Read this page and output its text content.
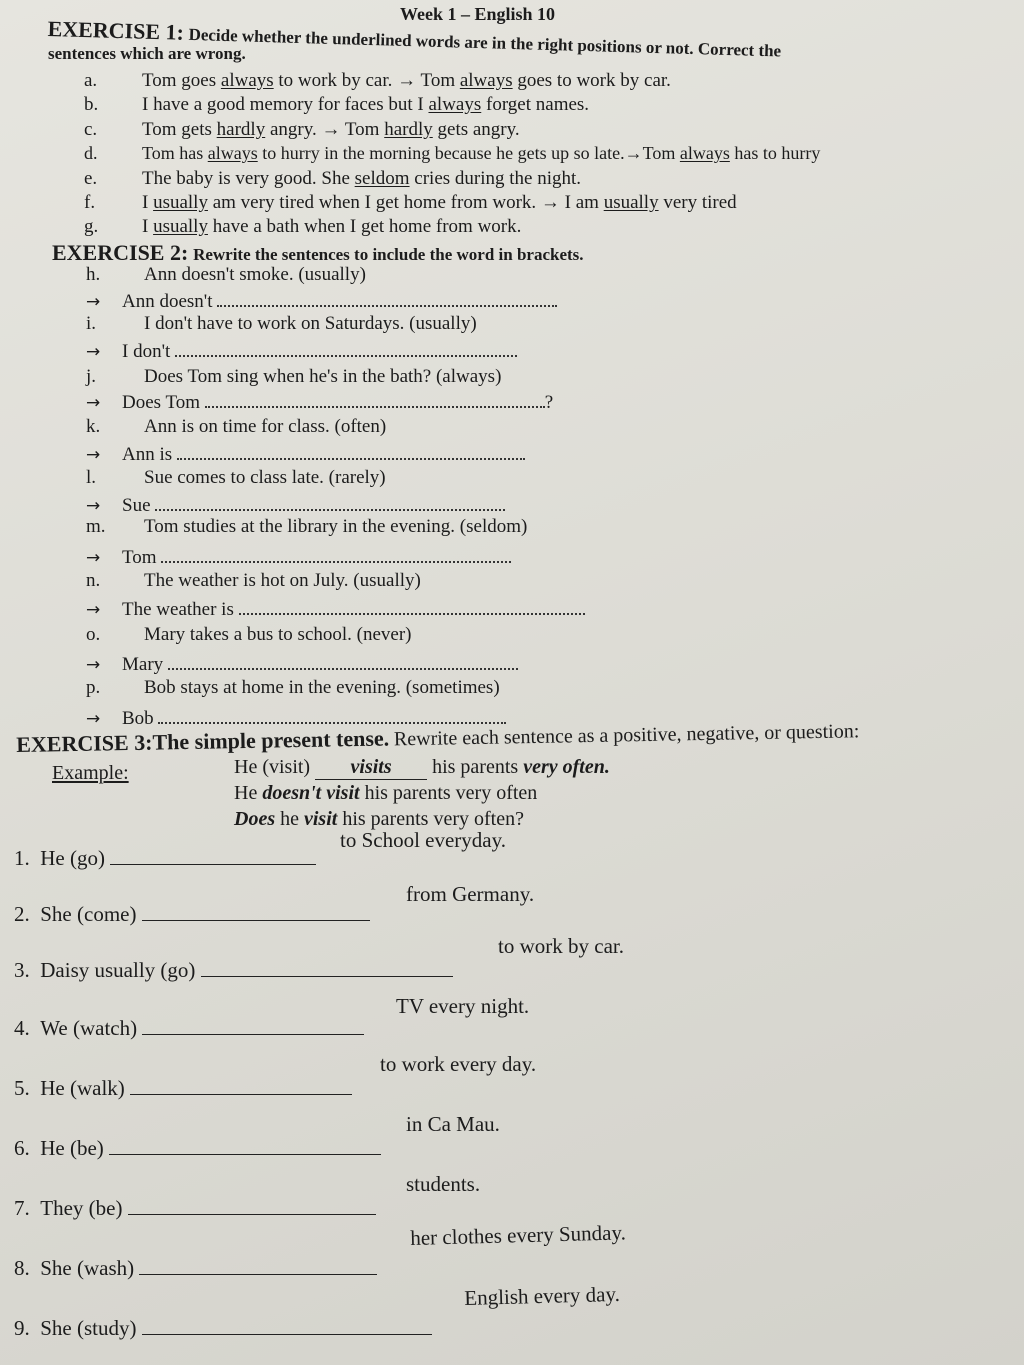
Week 1 – English 10
EXERCISE 1: Decide whether the underlined words are in the right positions or not. Correct the
sentences which are wrong.
a. Tom goes always to work by car. → Tom always goes to work by car.
b. I have a good memory for faces but I always forget names.
c. Tom gets hardly angry. → Tom hardly gets angry.
d. Tom has always to hurry in the morning because he gets up so late.→Tom always has to hurry
e. The baby is very good. She seldom cries during the night.
f. I usually am very tired when I get home from work. → I am usually very tired
g. I usually have a bath when I get home from work.
EXERCISE 2: Rewrite the sentences to include the word in brackets.
h. Ann doesn't smoke. (usually)
→ Ann doesn't
i.	I don't have to work on Saturdays. (usually)
→ I don't
j.	Does Tom sing when he's in the bath? (always)
→ Does Tom	?
k. Ann is on time for class. (often)
→ Ann is
l.	Sue comes to class late. (rarely)
→ Sue
m. Tom studies at the library in the evening. (seldom)
→ Tom
n. The weather is hot on July. (usually)
→ The weather is
o. Mary takes a bus to school. (never)
→ Mary
p. Bob stays at home in the evening. (sometimes)
→ Bob
EXERCISE 3:The simple present tense. Rewrite each sentence as a positive, negative, or question:
Example:	He (visit) visits his parents very often.
He doesn't visit his parents very often
Does he visit his parents very often?
1. He (go)
to School everyday.
2. She (come)
from Germany.
3. Daisy usually (go)
to work by car.
4. We (watch)
TV every night.
5. He (walk)
to work every day.
6. He (be)
in Ca Mau.
7. They (be)
students.
8. She (wash)
her clothes every Sunday.
9. She (study)
English every day.
